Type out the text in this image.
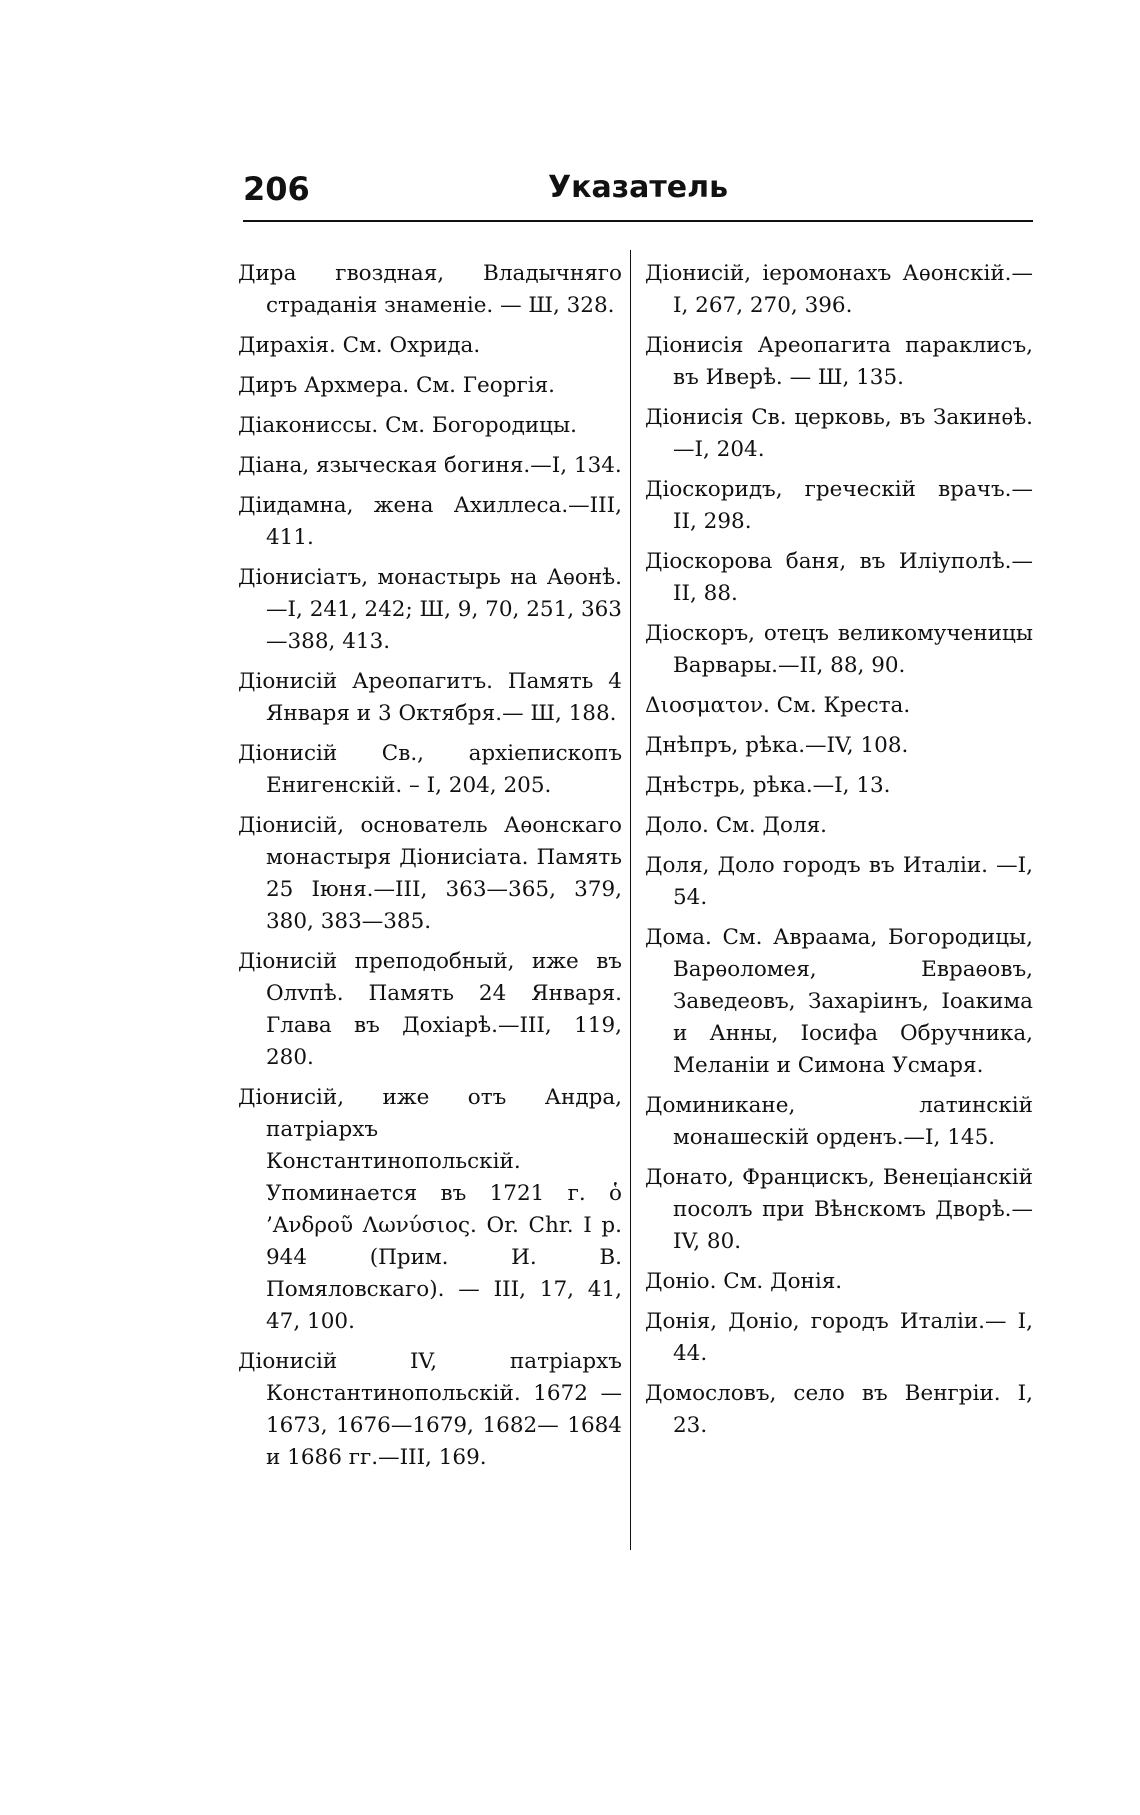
206	Указатель

Дира гвоздная, Владычняго страданія знаменіе. — Ш, 328.

Дирахія. См. Охрида.

Диръ Архмера. См. Георгія.

Діакониссы. См. Богородицы.

Діана, языческая богиня.—I, 134.

Діидамна, жена Ахиллеса.—III, 411.

Діонисіатъ, монастырь на Аѳонѣ.—I, 241, 242; Ш, 9, 70, 251, 363—388, 413.

Діонисій Ареопагитъ. Память 4 Января и 3 Октября.— Ш, 188.

Діонисій Св., архіепископъ Енигенскій. – I, 204, 205.

Діонисій, основатель Аѳонскаго монастыря Діонисіата. Память 25 Іюня.—III, 363—365, 379, 380, 383—385.

Діонисій преподобный, иже въ Олvпѣ. Память 24 Января. Глава въ Дохіарѣ.—III, 119, 280.

Діонисій, иже отъ Андра, патріархъ Константинопольскій. Упоминается въ 1721 г. ὁ ’Ανδροῦ Λωνύσιος. Or. Chr. I p. 944 (Прим. И. В. Помяловскаго). — III, 17, 41, 47, 100.

Діонисій IV, патріархъ Константинопольскій. 1672 — 1673, 1676—1679, 1682— 1684 и 1686 гг.—III, 169.

Діонисій, іеромонахъ Аѳонскій.—I, 267, 270, 396.

Діонисія Ареопагита параклисъ, въ Иверѣ. — Ш, 135.

Діонисія Св. церковь, въ Закинѳѣ.—I, 204.

Діоскоридъ, греческій врачъ.— II, 298.

Діоскорова баня, въ Иліуполѣ.—II, 88.

Діоскоръ, отецъ великомученицы Варвары.—II, 88, 90.

Διοσματον. См. Креста.

Днѣпръ, рѣка.—IV, 108.

Днѣстрь, рѣка.—I, 13.

Доло. См. Доля.

Доля, Доло городъ въ Италіи. —I, 54.

Дома. См. Авраама, Богородицы, Варѳоломея, Евраѳовъ, Заведеовъ, Захаріинъ, Іоакима и Анны, Іосифа Обручника, Меланіи и Симона Усмаря.

Доминикане, латинскій монашескій орденъ.—I, 145.

Донато, Францискъ, Венеціанскій посолъ при Вѣнскомъ Дворѣ.—IV, 80.

Доніо. См. Донія.

Донія, Доніо, городъ Италіи.— I, 44.

Домословъ, село въ Венгріи. I, 23.
